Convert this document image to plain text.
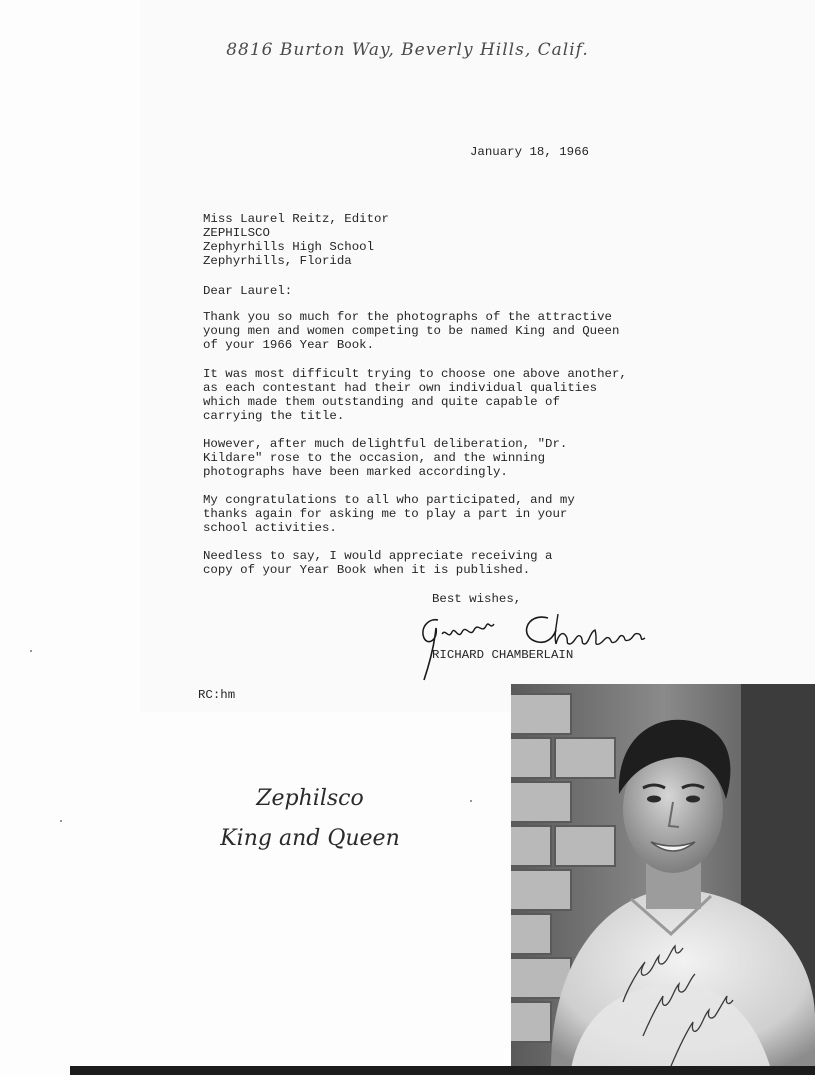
8816 Burton Way, Beverly Hills, Calif.
January 18, 1966
Miss Laurel Reitz, Editor
ZEPHILSCO
Zephyrhills High School
Zephyrhills, Florida
Dear Laurel:
Thank you so much for the photographs of the attractive
young men and women competing to be named King and Queen
of your 1966 Year Book.
It was most difficult trying to choose one above another,
as each contestant had their own individual qualities
which made them outstanding and quite capable of
carrying the title.
However, after much delightful deliberation, "Dr.
Kildare" rose to the occasion, and the winning
photographs have been marked accordingly.
My congratulations to all who participated, and my
thanks again for asking me to play a part in your
school activities.
Needless to say, I would appreciate receiving a
copy of your Year Book when it is published.
Best wishes,
RICHARD CHAMBERLAIN
RC:hm
Zephilsco
King and Queen
